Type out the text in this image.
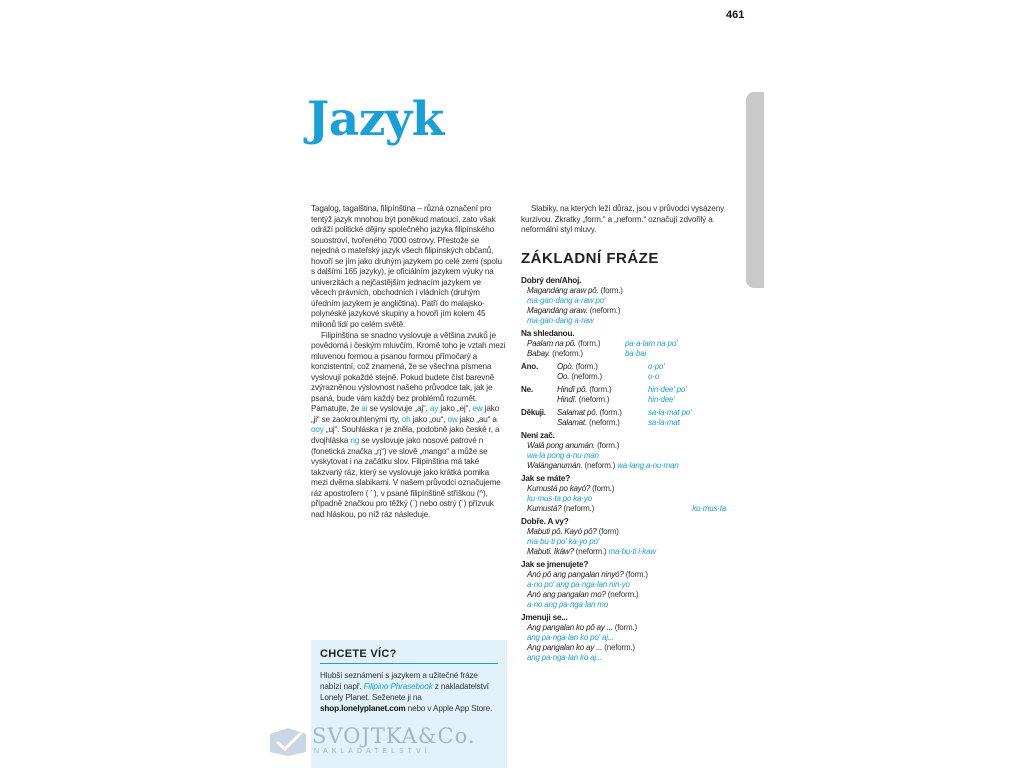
461
Jazyk

Tagalog, tagalština, filipínština – různá označení pro tentýž jazyk mnohou být poněkud matoucí, zato však odráží politické dějiny společného jazyka filipínského souostroví, tvořeného 7000 ostrovy. Přestože se nejedná o mateřský jazyk všech filipínských občanů, hovoří se jím jako druhým jazykem po celé zemi (spolu s dalšími 165 jazyky), je oficiálním jazykem výuky na univerzitách a nejčastějším jednacím jazykem ve věcech právních, obchodních i vládních (druhým úředním jazykem je angličtina). Patří do malajsko-polynéské jazykové skupiny a hovoří jím kolem 45 milionů lidí po celém světě.

Filipínština se snadno vyslovuje a většina zvuků je povědomá i českým mluvčím. Kromě toho je vztah mezi mluvenou formou a psanou formou přímočarý a konzistentní, což znamená, že se všechna písmena vyslovují pokaždé stejně. Pokud budete číst barevně zvýrazněnou výslovnost našeho průvodce tak, jak je psaná, bude vám každý bez problémů rozumět. Pamatujte, že ai se vyslovuje „aj“, ay jako „ej“, ew jako „ji“ se zaokrouhlenými rty, oh jako „ou“, ow jako „au“ a ooy „uj“. Souhláska r je zněla, podobně jako české r, a dvojhláska ng se vyslovuje jako nosové patrové n (fonetická značka „ŋ“) ve slově „mango“ a může se vyskytovat i na začátku slov. Filipínština má také takzvaný ráz, který se vyslovuje jako krátká pomlka mezi dvěma slabikami. V našem průvodci označujeme ráz apostrofem ( ' ), v psané filipínštině stříškou (^), případně značkou pro těžký (`) nebo ostrý (´) přízvuk nad hláskou, po níž ráz následuje.

CHCETE VÍC?

Hlubší seznámení s jazykem a užitečné fráze nabízí např. Filipino Phrasebook z nakladatelství Lonely Planet. Seženete ji na shop.lonelyplanet.com nebo v Apple App Store.

Slabiky, na kterých leží důraz, jsou v průvodci vysázeny kurzivou. Zkratky „form.“ a „neform.“ označují zdvořilý a neformální styl mluvy.

ZÁKLADNÍ FRÁZE
Dobrý den/Ahoj.
Magandáng araw pô. (form.)
ma·gan·dang a·raw po'
Magandáng araw. (neform.)
ma·gan·dang a·raw
Na shledanou.
Paalam na pô. (form.)	pa·a·lam na po'
Babay. (neform.)	ba·bai
Ano.	Opò. (form.)	o·po'
Oo. (neform.)	o·o
Ne.	Hindî pô. (form.)	hin·dee' po'
Hindî. (neform.)	hin·dee'
Děkuji.	Salamat pô. (form.)	sa·la·mat po'
Salamat. (neform.)	sa·la·mat
Není zač.
Walâ pong anumán. (form.)
wa·la pong a·nu·man
Walánganumán. (neform.) wa·lang a·nu·man
Jak se máte?
Kumustá po kayó? (form.)
ku·mus·ta po ka·yo
Kumustá? (neform.)	ku·mus·ta
Dobře. A vy?
Mabuti pô. Kayó pô? (form)
ma·bu·ti po' ka·yo po'
Mabuti. Ikáw? (neform.) ma·bu·ti i·kaw
Jak se jmenujete?
Anó pô ang pangalan ninyó? (form.)
a·no po' ang pa·nga·lan nin·yo
Anó ang pangalan mo? (neform.)
a·no ang pa·nga·lan mo
Jmenuji se...
Ang pangalan ko pô ay ... (form.)
ang pa·nga·lan ko po' aj...
Ang pangalan ko ay ... (neform.)
ang pa·nga·lan ko aj...
SVOJTKA&Co.
NAKLADATELSTVÍ
